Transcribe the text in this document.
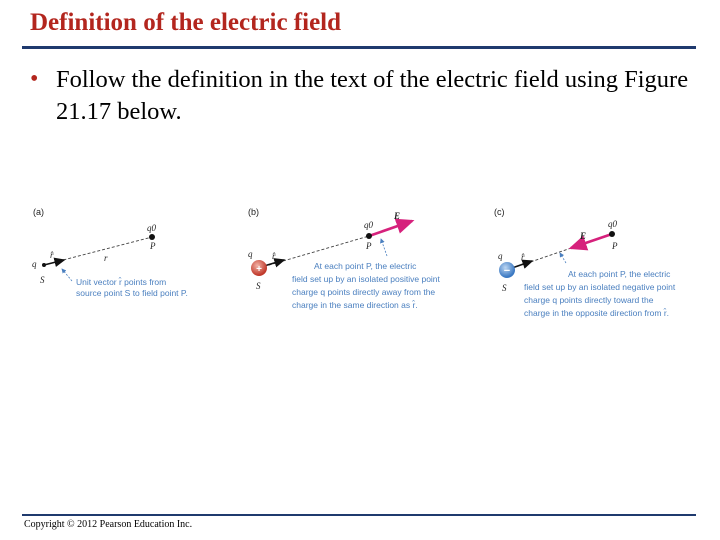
Definition of the electric field
• Follow the definition in the text of the electric field using Figure 21.17 below.
(a)
q
S
r̂	r
q0
P
Unit vector r̂ points from source point S to field point P.
(b)
+
q
S
r̂
q0
P
E
At each point P, the electric field set up by an isolated positive point charge q points directly away from the charge in the same direction as r̂.
(c)
−
q
S
r̂
q0
P
E
At each point P, the electric field set up by an isolated negative point charge q points directly toward the charge in the opposite direction from r̂.
Copyright © 2012 Pearson Education Inc.
